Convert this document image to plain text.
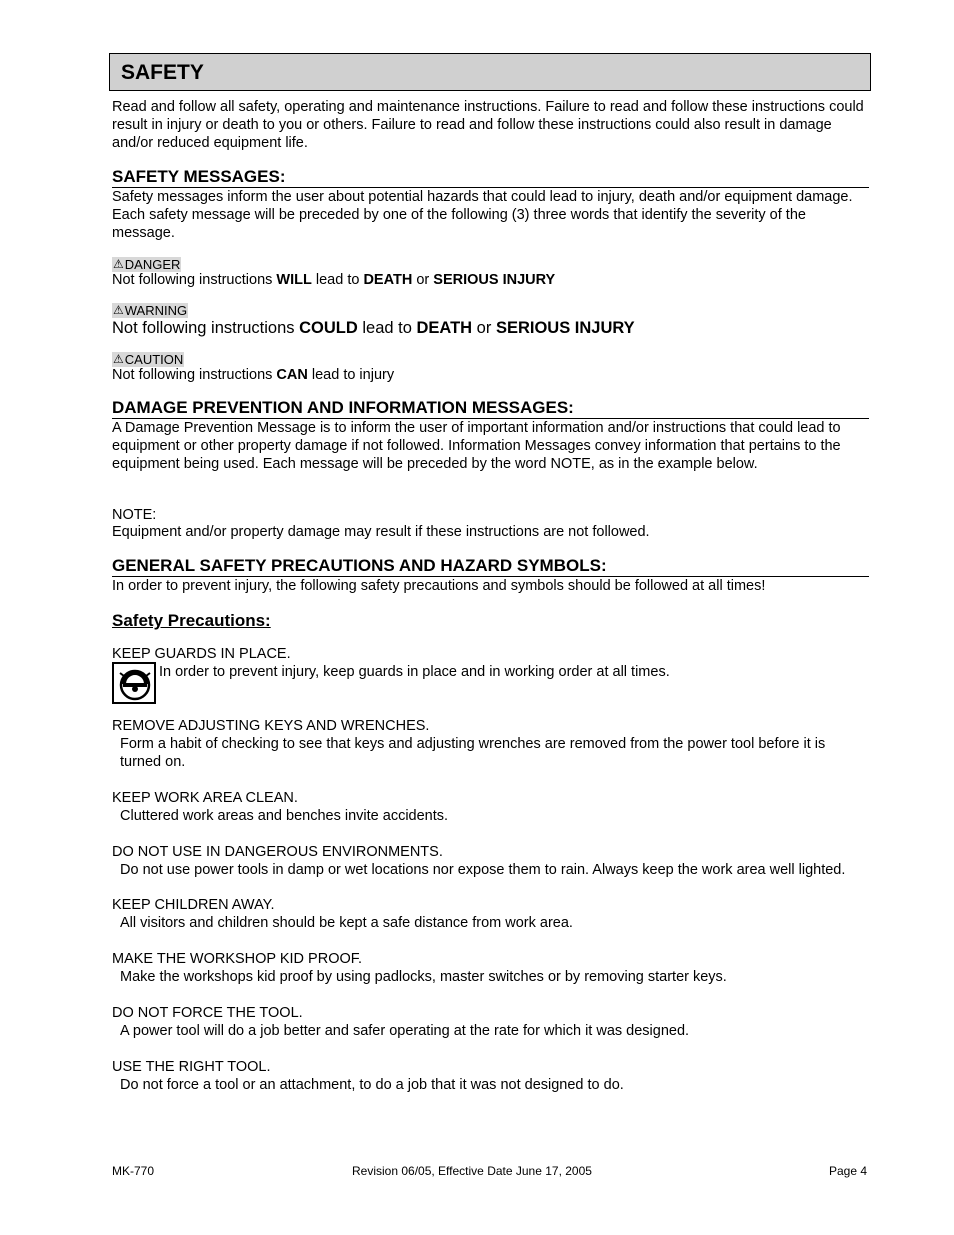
SAFETY
Read and follow all safety, operating and maintenance instructions. Failure to read and follow these instructions could result in injury or death to you or others. Failure to read and follow these instructions could also result in damage and/or reduced equipment life.
SAFETY MESSAGES:
Safety messages inform the user about potential hazards that could lead to injury, death and/or equipment damage. Each safety message will be preceded by one of the following (3) three words that identify the severity of the message.
⚠ DANGER
Not following instructions WILL lead to DEATH or SERIOUS INJURY
⚠ WARNING
Not following instructions COULD lead to DEATH or SERIOUS INJURY
⚠ CAUTION
Not following instructions CAN lead to injury
DAMAGE PREVENTION AND INFORMATION MESSAGES:
A Damage Prevention Message is to inform the user of important information and/or instructions that could lead to equipment or other property damage if not followed. Information Messages convey information that pertains to the equipment being used. Each message will be preceded by the word NOTE, as in the example below.
NOTE:
Equipment and/or property damage may result if these instructions are not followed.
GENERAL SAFETY PRECAUTIONS AND HAZARD SYMBOLS:
In order to prevent injury, the following safety precautions and symbols should be followed at all times!
Safety Precautions:
KEEP GUARDS IN PLACE.
In order to prevent injury, keep guards in place and in working order at all times.
REMOVE ADJUSTING KEYS AND WRENCHES.
Form a habit of checking to see that keys and adjusting wrenches are removed from the power tool before it is turned on.
KEEP WORK AREA CLEAN.
Cluttered work areas and benches invite accidents.
DO NOT USE IN DANGEROUS ENVIRONMENTS.
Do not use power tools in damp or wet locations nor expose them to rain. Always keep the work area well lighted.
KEEP CHILDREN AWAY.
All visitors and children should be kept a safe distance from work area.
MAKE THE WORKSHOP KID PROOF.
Make the workshops kid proof by using padlocks, master switches or by removing starter keys.
DO NOT FORCE THE TOOL.
A power tool will do a job better and safer operating at the rate for which it was designed.
USE THE RIGHT TOOL.
Do not force a tool or an attachment, to do a job that it was not designed to do.
MK-770	Revision 06/05, Effective Date June 17, 2005	Page 4
